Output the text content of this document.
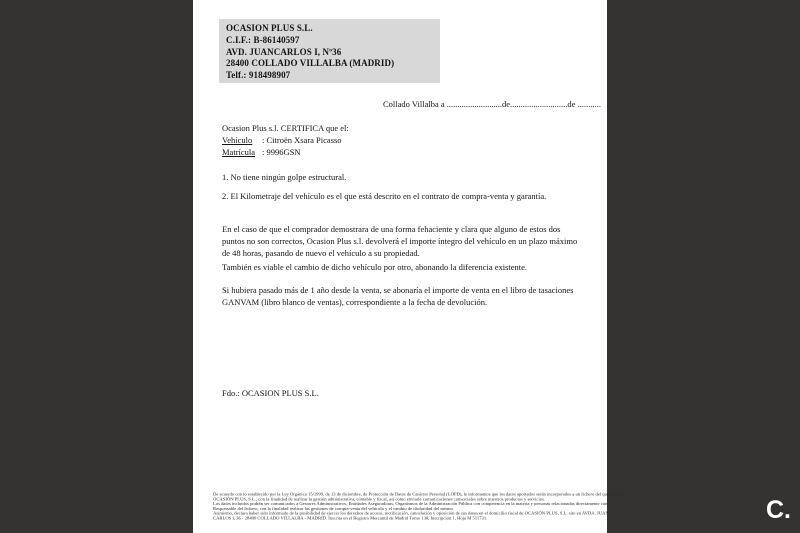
OCASION PLUS S.L.
C.I.F.: B-86140597
AVD. JUANCARLOS I, Nº36
28400 COLLADO VILLALBA (MADRID)
Telf.: 918498907
Collado Villalba a ..........................de...........................de ...........
Ocasion Plus s.l. CERTIFICA que el:
Vehículo : Citroën Xsara Picasso
Matrícula : 9996GSN
1. No tiene ningún golpe estructural.
2. El Kilometraje del vehículo es el que está descrito en el contrato de compra-venta y garantía.
En el caso de que el comprador demostrara de una forma fehaciente y clara que alguno de estos dos puntos no son correctos, Ocasion Plus s.l. devolverá el importe íntegro del vehículo en un plazo máximo de 48 horas, pasando de nuevo el vehículo a su propiedad.
También es viable el cambio de dicho vehículo por otro, abonando la diferencia existente.
Si hubiera pasado más de 1 año desde la venta, se abonaría el importe de venta en el libro de tasaciones GANVAM (libro blanco de ventas), correspondiente a la fecha de devolución.
Fdo.: OCASION PLUS S.L.
De acuerdo con lo establecido por la Ley Orgánica 15/1999, de 13 de diciembre, de Protección de Datos de Carácter Personal (LOPD), le informamos que los datos aportados serán incorporados a un fichero del que es titular
OCASIÓN PLUS, S.L., con la finalidad de realizar la gestión administrativa, contable y fiscal, así como enviarle comunicaciones comerciales sobre nuestros productos y servicios.
Los datos incluidos podrán ser comunicados a Gestores Administrativos, Entidades Aseguradoras, Organismos de la Administración Pública con competencia en la materia y personas relacionadas directamente con el
Responsable del fichero, con la finalidad realizar las gestiones de compra-venta del vehículo y el cambio de titularidad del mismo.
Asimismo, declara haber sido informado de la posibilidad de ejercer los derechos de acceso, rectificación, cancelación y oposición de sus datos en el domicilio fiscal de OCASIÓN PLUS, S.L. sito en AVDA. JUAN
CARLOS I, 36 - 28400 COLLADO VILLALBA - MADRID. Inscrita en el Registro Mercantil de Madrid Tomo 130, Inscripción 1, Hoja M 511731.	C.
